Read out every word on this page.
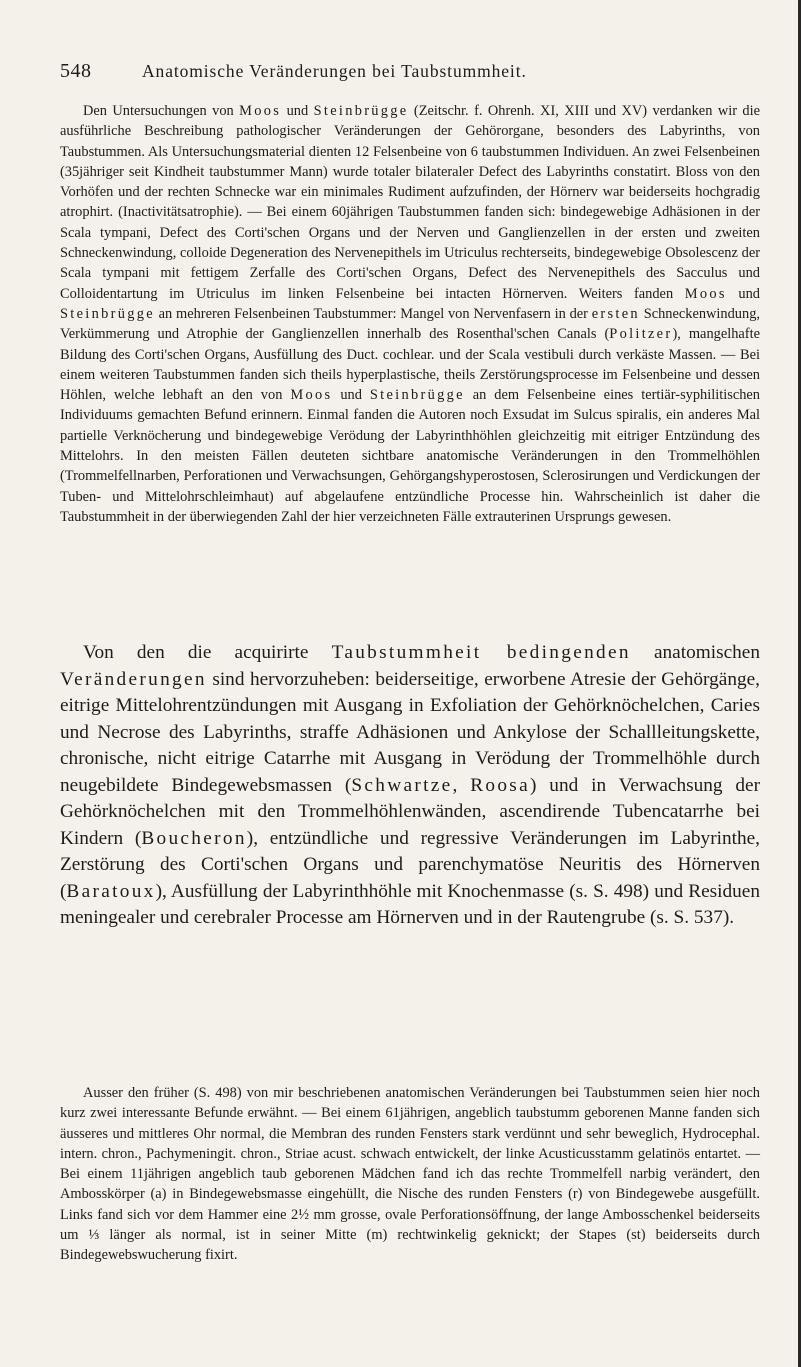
548	Anatomische Veränderungen bei Taubstummheit.

Den Untersuchungen von Moos und Steinbrügge (Zeitschr. f. Ohrenh. XI, XIII und XV) verdanken wir die ausführliche Beschreibung pathologischer Veränderungen der Gehörorgane, besonders des Labyrinths, von Taubstummen. Als Untersuchungsmaterial dienten 12 Felsenbeine von 6 taubstummen Individuen. An zwei Felsenbeinen (35jähriger seit Kindheit taubstummer Mann) wurde totaler bilateraler Defect des Labyrinths constatirt. Bloss von den Vorhöfen und der rechten Schnecke war ein minimales Rudiment aufzufinden, der Hörnerv war beiderseits hochgradig atrophirt. (Inactivitätsatrophie). — Bei einem 60jährigen Taubstummen fanden sich: bindegewebige Adhäsionen in der Scala tympani, Defect des Corti'schen Organs und der Nerven und Ganglienzellen in der ersten und zweiten Schneckenwindung, colloide Degeneration des Nervenepithels im Utriculus rechterseits, bindegewebige Obsolescenz der Scala tympani mit fettigem Zerfalle des Corti'schen Organs, Defect des Nervenepithels des Sacculus und Colloidentartung im Utriculus im linken Felsenbeine bei intacten Hörnerven. Weiters fanden Moos und Steinbrügge an mehreren Felsenbeinen Taubstummer: Mangel von Nervenfasern in der ersten Schneckenwindung, Verkümmerung und Atrophie der Ganglienzellen innerhalb des Rosenthal'schen Canals (Politzer), mangelhafte Bildung des Corti'schen Organs, Ausfüllung des Duct. cochlear. und der Scala vestibuli durch verkäste Massen. — Bei einem weiteren Taubstummen fanden sich theils hyperplastische, theils Zerstörungsprocesse im Felsenbeine und dessen Höhlen, welche lebhaft an den von Moos und Steinbrügge an dem Felsenbeine eines tertiär-syphilitischen Individuums gemachten Befund erinnern. Einmal fanden die Autoren noch Exsudat im Sulcus spiralis, ein anderes Mal partielle Verknöcherung und bindegewebige Verödung der Labyrinthhöhlen gleichzeitig mit eitriger Entzündung des Mittelohrs. In den meisten Fällen deuteten sichtbare anatomische Veränderungen in den Trommelhöhlen (Trommelfellnarben, Perforationen und Verwachsungen, Gehörgangshyperostosen, Sclerosirungen und Verdickungen der Tuben- und Mittelohrschleimhaut) auf abgelaufene entzündliche Processe hin. Wahrscheinlich ist daher die Taubstummheit in der überwiegenden Zahl der hier verzeichneten Fälle extrauterinen Ursprungs gewesen.

Von den die acquirirte Taubstummheit bedingenden anatomischen Veränderungen sind hervorzuheben: beiderseitige, erworbene Atresie der Gehörgänge, eitrige Mittelohrentzündungen mit Ausgang in Exfoliation der Gehörknöchelchen, Caries und Necrose des Labyrinths, straffe Adhäsionen und Ankylose der Schallleitungskette, chronische, nicht eitrige Catarrhe mit Ausgang in Verödung der Trommelhöhle durch neugebildete Bindegewebsmassen (Schwartze, Roosa) und in Verwachsung der Gehörknöchelchen mit den Trommelhöhlenwänden, ascendirende Tubencatarrhe bei Kindern (Boucheron), entzündliche und regressive Veränderungen im Labyrinthe, Zerstörung des Corti'schen Organs und parenchymatöse Neuritis des Hörnerven (Baratoux), Ausfüllung der Labyrinthhöhle mit Knochenmasse (s. S. 498) und Residuen meningealer und cerebraler Processe am Hörnerven und in der Rautengrube (s. S. 537).

Ausser den früher (S. 498) von mir beschriebenen anatomischen Veränderungen bei Taubstummen seien hier noch kurz zwei interessante Befunde erwähnt. — Bei einem 61jährigen, angeblich taubstumm geborenen Manne fanden sich äusseres und mittleres Ohr normal, die Membran des runden Fensters stark verdünnt und sehr beweglich, Hydrocephal. intern. chron., Pachymeningit. chron., Striae acust. schwach entwickelt, der linke Acusticusstamm gelatinös entartet. — Bei einem 11jährigen angeblich taub geborenen Mädchen fand ich das rechte Trommelfell narbig verändert, den Ambosskörper (a) in Bindegewebsmasse eingehüllt, die Nische des runden Fensters (r) von Bindegewebe ausgefüllt. Links fand sich vor dem Hammer eine 2½ mm grosse, ovale Perforationsöffnung, der lange Ambosschenkel beiderseits um ⅓ länger als normal, ist in seiner Mitte (m) rechtwinkelig geknickt; der Stapes (st) beiderseits durch Bindegewebswucherung fixirt.
